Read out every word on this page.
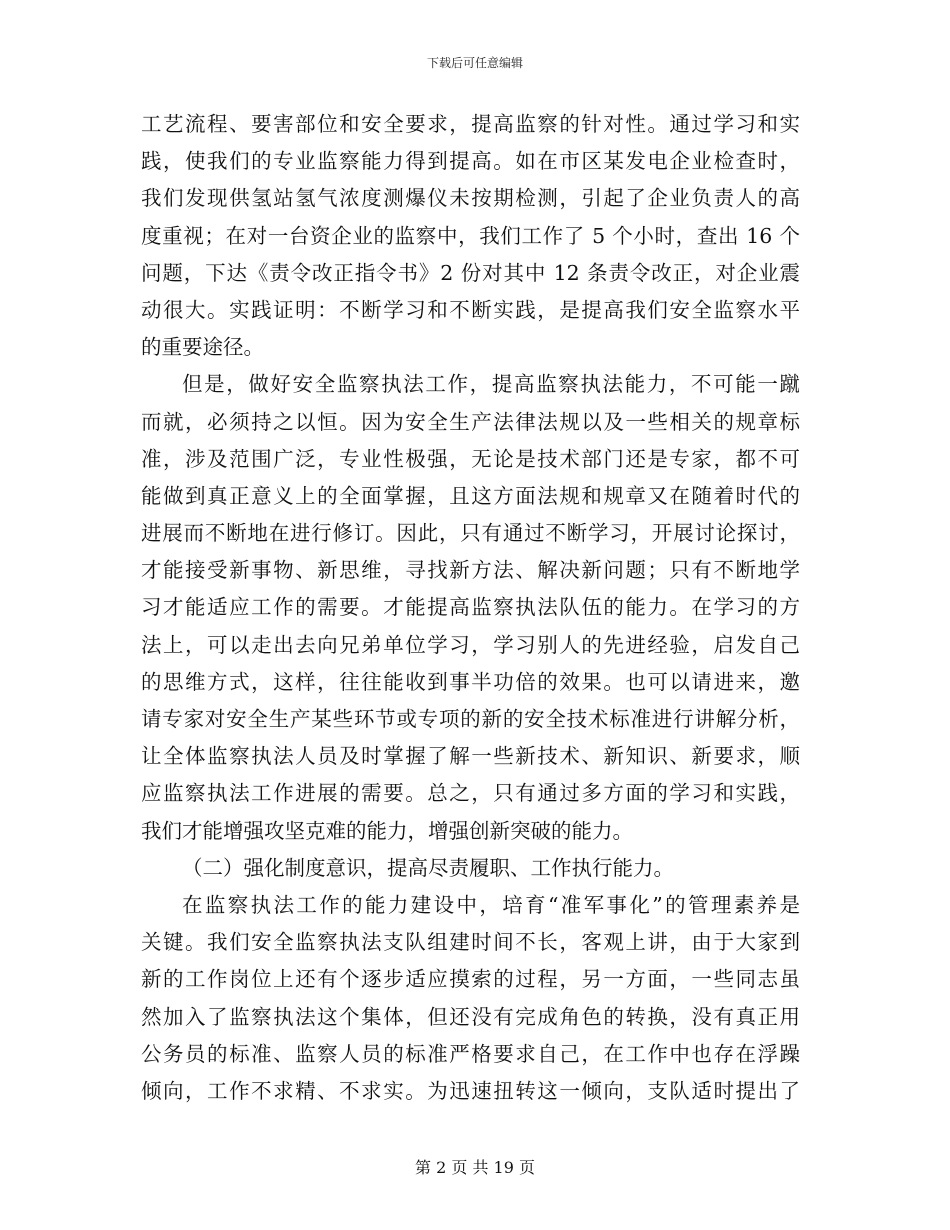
下载后可任意编辑
工艺流程、要害部位和安全要求，提高监察的针对性。通过学习和实
践，使我们的专业监察能力得到提高。如在市区某发电企业检查时，
我们发现供氢站氢气浓度测爆仪未按期检测，引起了企业负责人的高
度重视；在对一台资企业的监察中，我们工作了 5 个小时，查出 16 个
问题，下达《责令改正指令书》2 份对其中 12 条责令改正，对企业震
动很大。实践证明：不断学习和不断实践，是提高我们安全监察水平
的重要途径。
但是，做好安全监察执法工作，提高监察执法能力，不可能一蹴
而就，必须持之以恒。因为安全生产法律法规以及一些相关的规章标
准，涉及范围广泛，专业性极强，无论是技术部门还是专家，都不可
能做到真正意义上的全面掌握，且这方面法规和规章又在随着时代的
进展而不断地在进行修订。因此，只有通过不断学习，开展讨论探讨，
才能接受新事物、新思维，寻找新方法、解决新问题；只有不断地学
习才能适应工作的需要。才能提高监察执法队伍的能力。在学习的方
法上，可以走出去向兄弟单位学习，学习别人的先进经验，启发自己
的思维方式，这样，往往能收到事半功倍的效果。也可以请进来，邀
请专家对安全生产某些环节或专项的新的安全技术标准进行讲解分析，
让全体监察执法人员及时掌握了解一些新技术、新知识、新要求，顺
应监察执法工作进展的需要。总之，只有通过多方面的学习和实践，
我们才能增强攻坚克难的能力，增强创新突破的能力。
（二）强化制度意识，提高尽责履职、工作执行能力。
在监察执法工作的能力建设中，培育“准军事化”的管理素养是
关键。我们安全监察执法支队组建时间不长，客观上讲，由于大家到
新的工作岗位上还有个逐步适应摸索的过程，另一方面，一些同志虽
然加入了监察执法这个集体，但还没有完成角色的转换，没有真正用
公务员的标准、监察人员的标准严格要求自己，在工作中也存在浮躁
倾向，工作不求精、不求实。为迅速扭转这一倾向，支队适时提出了
第 2 页 共 19 页
